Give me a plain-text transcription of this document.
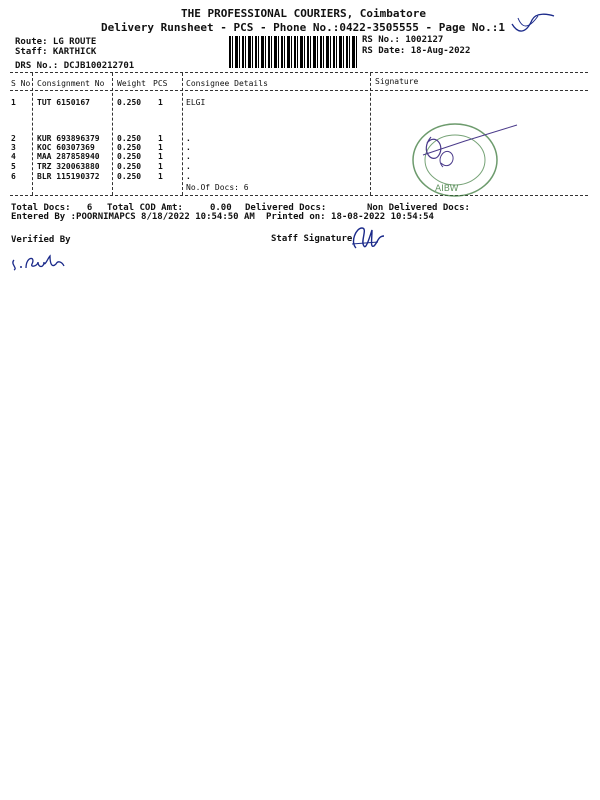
THE PROFESSIONAL COURIERS, Coimbatore
Delivery Runsheet - PCS - Phone No.:0422-3505555 - Page No.:1
Route: LG ROUTE
Staff: KARTHICK
DRS No.: DCJB100212701
RS No.: 1002127
RS Date: 18-Aug-2022
S No Consignment No Weight PCS Consignee Details	Signature
1	TUT 6150167	0.250 1	ELGI
2	KUR 693896379 0.250 1	.
3	KOC 60307369	0.250 1	.
4	MAA 287858940 0.250 1	.
5	TRZ 320063880 0.250 1	.
6	BLR 115190372 0.250 1	.
No.Of Docs: 6	AIBW
Total Docs:   6 Total COD Amt:     0.00 Delivered Docs:	Non Delivered Docs:
Entered By :POORNIMAPCS 8/18/2022 10:54:50 AM Printed on: 18-08-2022 10:54:54
Verified By	Staff Signature
